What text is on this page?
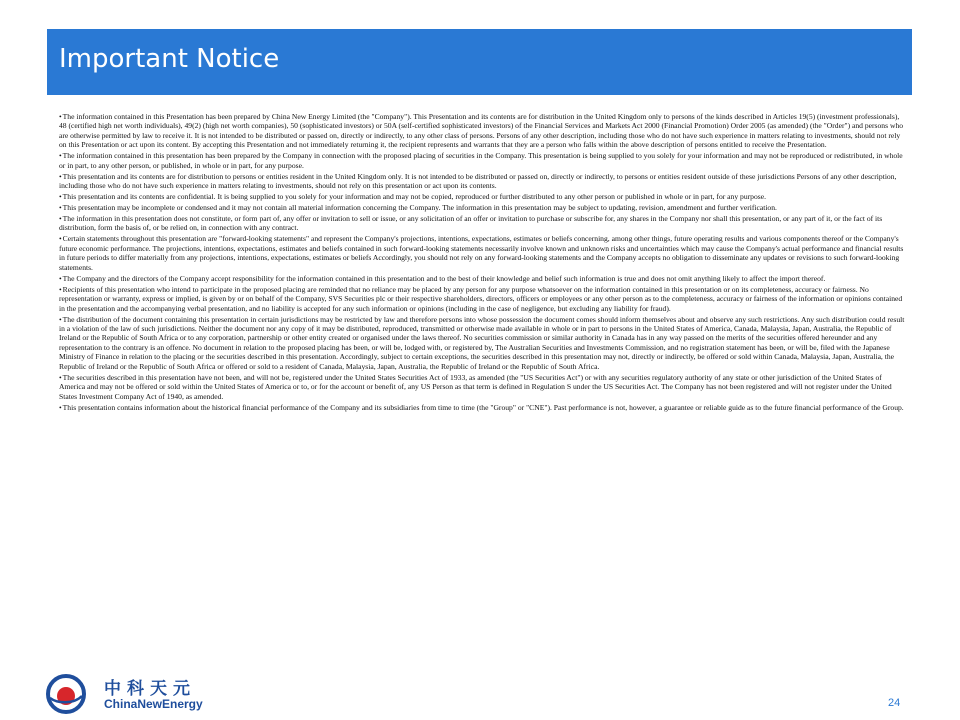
Important Notice

•The information contained in this Presentation has been prepared by China New Energy Limited (the "Company"). This Presentation and its contents are for distribution in the United Kingdom only to persons of the kinds described in Articles 19(5) (investment professionals), 48 (certified high net worth individuals), 49(2) (high net worth companies), 50 (sophisticated investors) or 50A (self-certified sophisticated investors) of the Financial Services and Markets Act 2000 (Financial Promotion) Order 2005 (as amended) (the "Order") and persons who are otherwise permitted by law to receive it. It is not intended to be distributed or passed on, directly or indirectly, to any other class of persons. Persons of any other description, including those who do not have such experience in matters relating to investments, should not rely on this Presentation or act upon its content. By accepting this Presentation and not immediately returning it, the recipient represents and warrants that they are a person who falls within the above description of persons entitled to receive the Presentation.

•The information contained in this presentation has been prepared by the Company in connection with the proposed placing of securities in the Company. This presentation is being supplied to you solely for your information and may not be reproduced or redistributed, in whole or in part, to any other person, or published, in whole or in part, for any purpose.

•This presentation and its contents are for distribution to persons or entities resident in the United Kingdom only. It is not intended to be distributed or passed on, directly or indirectly, to persons or entities resident outside of these jurisdictions Persons of any other description, including those who do not have such experience in matters relating to investments, should not rely on this presentation or act upon its contents.

•This presentation and its contents are confidential. It is being supplied to you solely for your information and may not be copied, reproduced or further distributed to any other person or published in whole or in part, for any purpose.

•This presentation may be incomplete or condensed and it may not contain all material information concerning the Company. The information in this presentation may be subject to updating, revision, amendment and further verification.

•The information in this presentation does not constitute, or form part of, any offer or invitation to sell or issue, or any solicitation of an offer or invitation to purchase or subscribe for, any shares in the Company nor shall this presentation, or any part of it, or the fact of its distribution, form the basis of, or be relied on, in connection with any contract.

•Certain statements throughout this presentation are "forward-looking statements" and represent the Company's projections, intentions, expectations, estimates or beliefs concerning, among other things, future operating results and various components thereof or the Company's future economic performance. The projections, intentions, expectations, estimates and beliefs contained in such forward-looking statements necessarily involve known and unknown risks and uncertainties which may cause the Company's actual performance and financial results in future periods to differ materially from any projections, intentions, expectations, estimates or beliefs Accordingly, you should not rely on any forward-looking statements and the Company accepts no obligation to disseminate any updates or revisions to such forward-looking statements.

•The Company and the directors of the Company accept responsibility for the information contained in this presentation and to the best of their knowledge and belief such information is true and does not omit anything likely to affect the import thereof.

•Recipients of this presentation who intend to participate in the proposed placing are reminded that no reliance may be placed by any person for any purpose whatsoever on the information contained in this presentation or on its completeness, accuracy or fairness. No representation or warranty, express or implied, is given by or on behalf of the Company, SVS Securities plc or their respective shareholders, directors, officers or employees or any other person as to the completeness, accuracy or fairness of the information or opinions contained in the presentation and the accompanying verbal presentation, and no liability is accepted for any such information or opinions (including in the case of negligence, but excluding any liability for fraud).

•The distribution of the document containing this presentation in certain jurisdictions may be restricted by law and therefore persons into whose possession the document comes should inform themselves about and observe any such restrictions. Any such distribution could result in a violation of the law of such jurisdictions. Neither the document nor any copy of it may be distributed, reproduced, transmitted or otherwise made available in whole or in part to persons in the United States of America, Canada, Malaysia, Japan, Australia, the Republic of Ireland or the Republic of South Africa or to any corporation, partnership or other entity created or organised under the laws thereof. No securities commission or similar authority in Canada has in any way passed on the merits of the securities offered hereunder and any representation to the contrary is an offence. No document in relation to the proposed placing has been, or will be, lodged with, or registered by, The Australian Securities and Investments Commission, and no registration statement has been, or will be, filed with the Japanese Ministry of Finance in relation to the placing or the securities described in this presentation. Accordingly, subject to certain exceptions, the securities described in this presentation may not, directly or indirectly, be offered or sold within Canada, Malaysia, Japan, Australia, the Republic of Ireland or the Republic of South Africa or offered or sold to a resident of Canada, Malaysia, Japan, Australia, the Republic of Ireland or the Republic of South Africa.

•The securities described in this presentation have not been, and will not be, registered under the United States Securities Act of 1933, as amended (the "US Securities Act") or with any securities regulatory authority of any state or other jurisdiction of the United States of America and may not be offered or sold within the United States of America or to, or for the account or benefit of, any US Person as that term is defined in Regulation S under the US Securities Act. The Company has not been registered and will not register under the United States Investment Company Act of 1940, as amended.

•This presentation contains information about the historical financial performance of the Company and its subsidiaries from time to time (the "Group" or "CNE"). Past performance is not, however, a guarantee or reliable guide as to the future financial performance of the Group.

中科天元
ChinaNewEnergy	24
